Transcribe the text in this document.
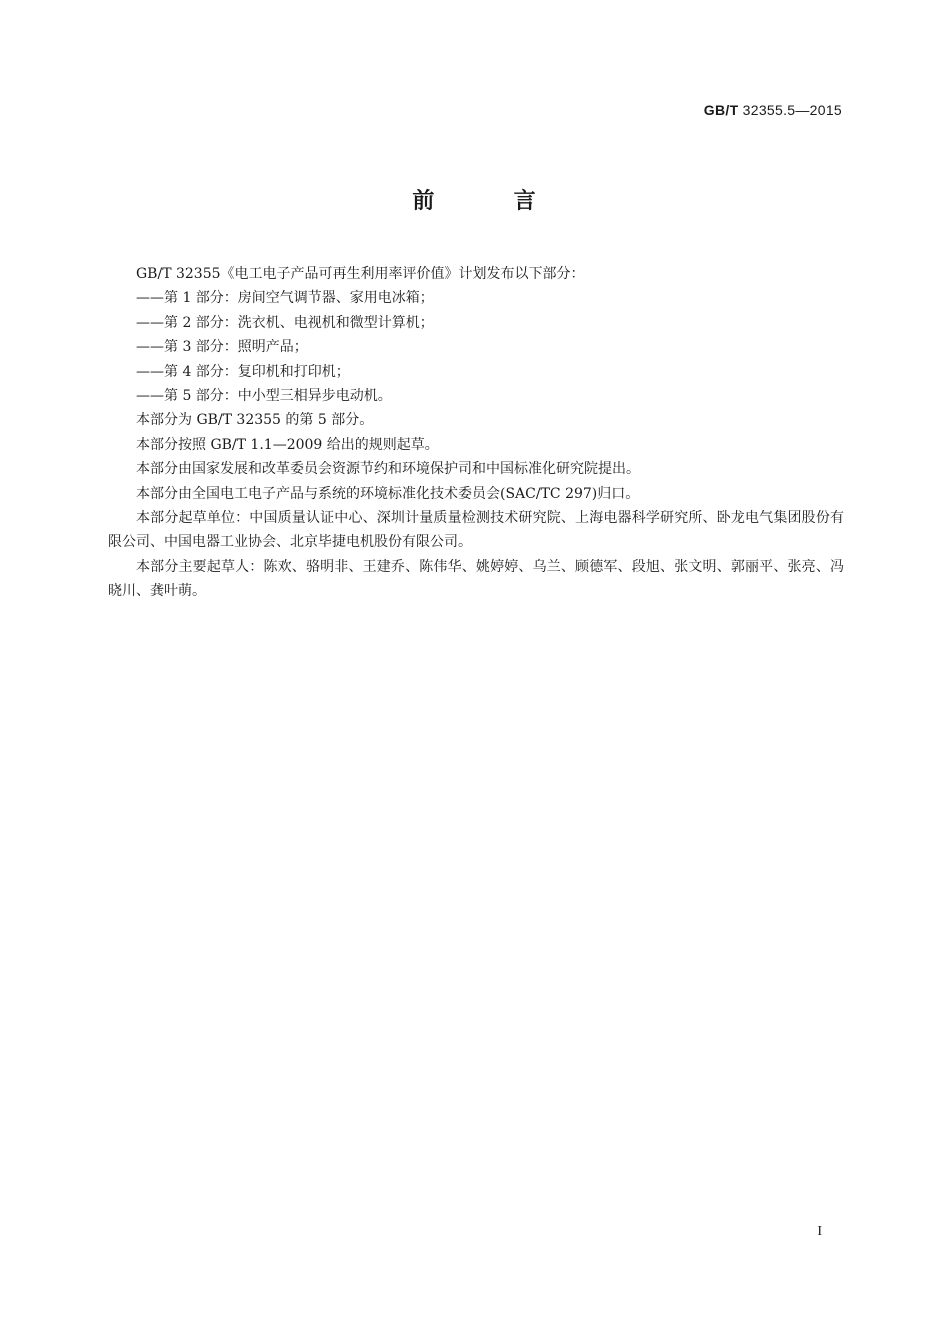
GB/T 32355.5—2015
前        言

GB/T 32355《电工电子产品可再生利用率评价值》计划发布以下部分：

——第 1 部分：房间空气调节器、家用电冰箱；

——第 2 部分：洗衣机、电视机和微型计算机；

——第 3 部分：照明产品；

——第 4 部分：复印机和打印机；

——第 5 部分：中小型三相异步电动机。

本部分为 GB/T 32355 的第 5 部分。

本部分按照 GB/T 1.1—2009 给出的规则起草。

本部分由国家发展和改革委员会资源节约和环境保护司和中国标准化研究院提出。

本部分由全国电工电子产品与系统的环境标准化技术委员会(SAC/TC 297)归口。

本部分起草单位：中国质量认证中心、深圳计量质量检测技术研究院、上海电器科学研究所、卧龙电气集团股份有限公司、中国电器工业协会、北京毕捷电机股份有限公司。

本部分主要起草人：陈欢、骆明非、王建乔、陈伟华、姚婷婷、乌兰、顾德军、段旭、张文明、郭丽平、张亮、冯晓川、龚叶萌。

I
